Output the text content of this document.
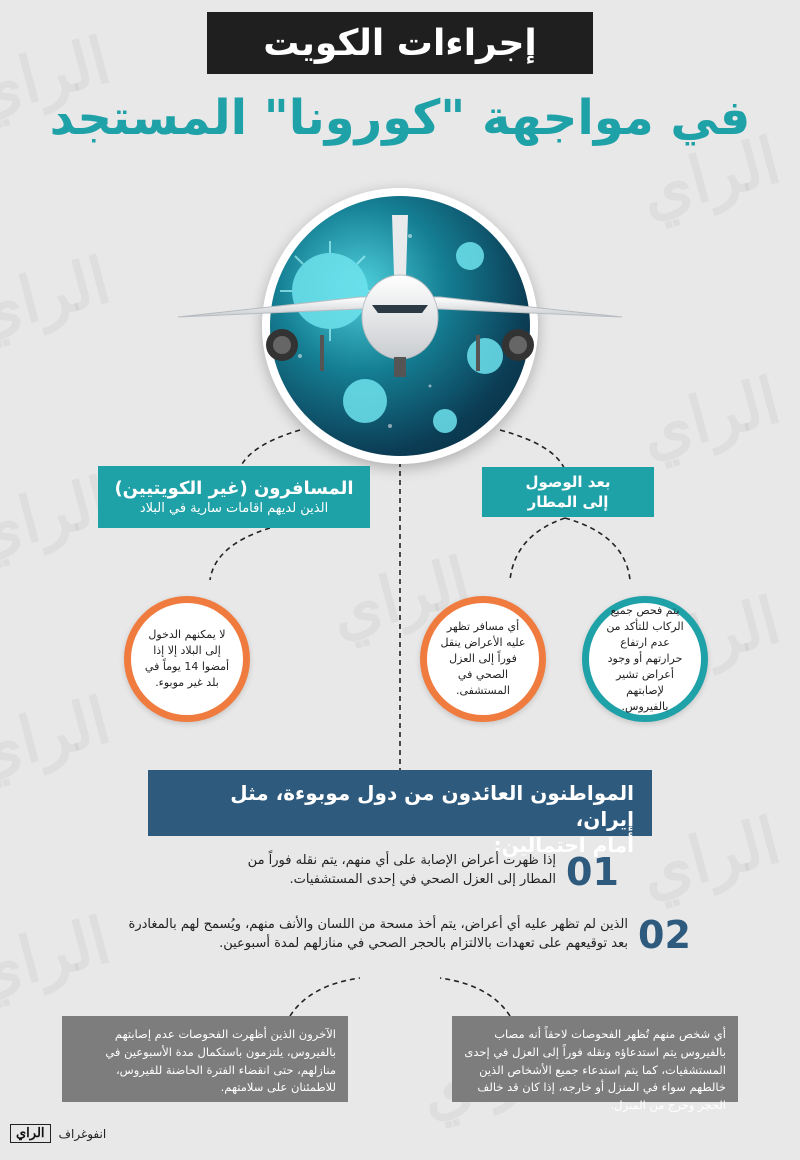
إجراءات الكويت
في مواجهة "كورونا" المستجد
بعد الوصول
إلى المطار
المسافرون (غير الكويتيين)
الذين لديهم اقامات سارية في البلاد
يتم فحص جميع الركاب للتأكد من عدم ارتفاع حرارتهم أو وجود أعراض تشير لإصابتهم بالفيروس.
أي مسافر تظهر عليه الأعراض ينقل فوراً إلى العزل الصحي في المستشفى.
لا يمكنهم الدخول إلى البلاد إلا إذا أمضوا 14 يوماً في بلد غير موبوء.
المواطنون العائدون من دول موبوءة، مثل إيران،
أمام احتمالين:
01
إذا ظهرت أعراض الإصابة على أي منهم، يتم نقله فوراً من المطار إلى العزل الصحي في إحدى المستشفيات.
02
الذين لم تظهر عليه أي أعراض، يتم أخذ مسحة من اللسان والأنف منهم، ويُسمح لهم بالمغادرة بعد توقيعهم على تعهدات بالالتزام بالحجر الصحي في منازلهم لمدة أسبوعين.
أي شخص منهم تُظهر الفحوصات لاحقاً أنه مصاب بالفيروس يتم استدعاؤه ونقله فوراً إلى العزل في إحدى المستشفيات، كما يتم استدعاء جميع الأشخاص الذين خالطهم سواء في المنزل أو خارجه، إذا كان قد خالف الحجر وخرج من المنزل.
الآخرون الذين أظهرت الفحوصات عدم إصابتهم بالفيروس، يلتزمون باستكمال مدة الأسبوعين في منازلهم، حتى انقضاء الفترة الحاضنة للفيروس، للاطمئنان على سلامتهم.
الراي	انفوغراف
